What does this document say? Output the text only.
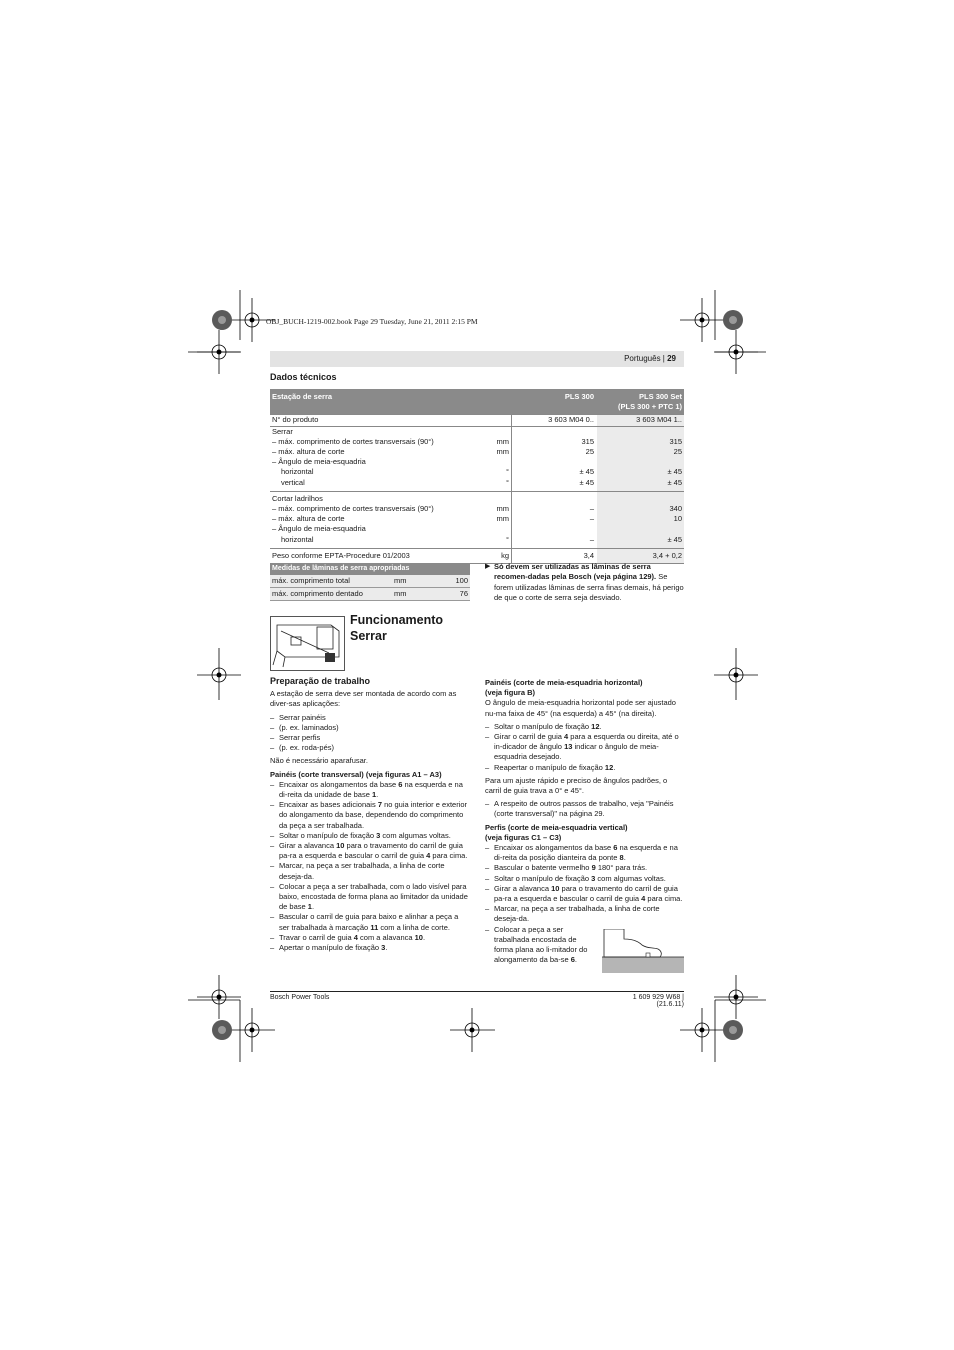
OBJ_BUCH-1219-002.book Page 29 Tuesday, June 21, 2011 2:15 PM
Português | 29
Dados técnicos
Estação de serra		PLS 300	PLS 300 Set
(PLS 300 + PTC 1)

N° do produto		3 603 M04 0..	3 603 M04 1..
Serrar			
– máx. comprimento de cortes transversais (90°)	mm	315	315
– máx. altura de corte	mm	25	25
– Ângulo de meia-esquadria			
horizontal	°	± 45	± 45
vertical	°	± 45	± 45
Cortar ladrilhos			
– máx. comprimento de cortes transversais (90°)	mm	–	340
– máx. altura de corte	mm	–	10
– Ângulo de meia-esquadria			
horizontal	°	–	± 45
Peso conforme EPTA-Procedure 01/2003	kg	3,4	3,4 + 0,2
Medidas de lâminas de serra apropriadas		
máx. comprimento total	mm	100
máx. comprimento dentado	mm	76
▶ Só devem ser utilizadas as lâminas de serra recomen-dadas pela Bosch (veja página 129). Se forem utilizadas lâminas de serra finas demais, há perigo de que o corte de serra seja desviado.
Funcionamento
Serrar
Preparação de trabalho

A estação de serra deve ser montada de acordo com as diver-sas aplicações:

– Serrar painéis
– (p. ex. laminados)
– Serrar perfis
– (p. ex. roda-pés)

Não é necessário aparafusar.

Painéis (corte transversal) (veja figuras A1 – A3)
– Encaixar os alongamentos da base 6 na esquerda e na di-reita da unidade de base 1.
– Encaixar as bases adicionais 7 no guia interior e exterior do alongamento da base, dependendo do comprimento da peça a ser trabalhada.
– Soltar o manípulo de fixação 3 com algumas voltas.
– Girar a alavanca 10 para o travamento do carril de guia pa-ra a esquerda e bascular o carril de guia 4 para cima.
– Marcar, na peça a ser trabalhada, a linha de corte deseja-da.
– Colocar a peça a ser trabalhada, com o lado visível para baixo, encostada de forma plana ao limitador da unidade de base 1.
– Bascular o carril de guia para baixo e alinhar a peça a ser trabalhada à marcação 11 com a linha de corte.
– Travar o carril de guia 4 com a alavanca 10.
– Apertar o manípulo de fixação 3.
Painéis (corte de meia-esquadria horizontal)
(veja figura B)

O ângulo de meia-esquadria horizontal pode ser ajustado nu-ma faixa de 45° (na esquerda) a 45° (na direita).

– Soltar o manípulo de fixação 12.
– Girar o carril de guia 4 para a esquerda ou direita, até o in-dicador de ângulo 13 indicar o ângulo de meia-esquadria desejado.
– Reapertar o manípulo de fixação 12.

Para um ajuste rápido e preciso de ângulos padrões, o carril de guia trava a 0° e 45°.

– A respeito de outros passos de trabalho, veja "Painéis (corte transversal)" na página 29.
Perfis (corte de meia-esquadria vertical)
(veja figuras C1 – C3)
– Encaixar os alongamentos da base 6 na esquerda e na di-reita da posição dianteira da ponte 8.
– Bascular o batente vermelho 9 180° para trás.
– Soltar o manípulo de fixação 3 com algumas voltas.
– Girar a alavanca 10 para o travamento do carril de guia pa-ra a esquerda e bascular o carril de guia 4 para cima.
– Marcar, na peça a ser trabalhada, a linha de corte deseja-da.
– Colocar a peça a ser trabalhada encostada de forma plana ao li-mitador do alongamento da ba-se 6.
Bosch Power Tools	1 609 929 W68 | (21.6.11)
